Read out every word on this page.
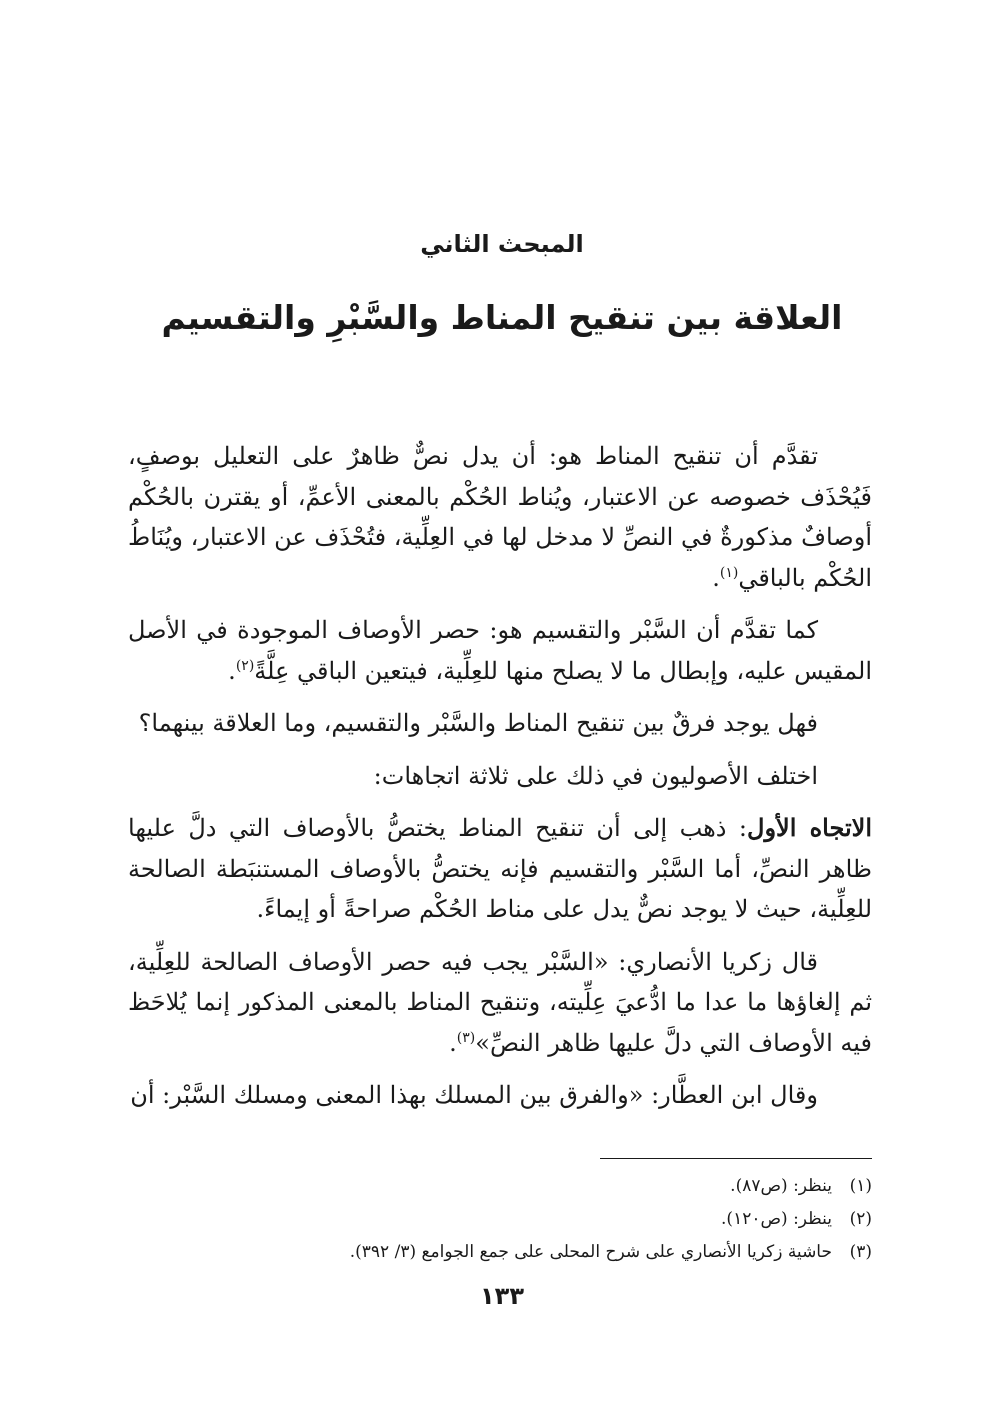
المبحث الثاني
العلاقة بين تنقيح المناط والسَّبْرِ والتقسيم

تقدَّم أن تنقيح المناط هو: أن يدل نصٌّ ظاهرٌ على التعليل بوصفٍ، فَيُحْذَف خصوصه عن الاعتبار، ويُناط الحُكْم بالمعنى الأعمِّ، أو يقترن بالحُكْم أوصافٌ مذكورةٌ في النصِّ لا مدخل لها في العِلِّية، فتُحْذَف عن الاعتبار، ويُنَاطُ الحُكْم بالباقي$^{(١)}$.

كما تقدَّم أن السَّبْر والتقسيم هو: حصر الأوصاف الموجودة في الأصل المقيس عليه، وإبطال ما لا يصلح منها للعِلِّية، فيتعين الباقي عِلَّةً$^{(٢)}$.

فهل يوجد فرقٌ بين تنقيح المناط والسَّبْر والتقسيم، وما العلاقة بينهما؟

اختلف الأصوليون في ذلك على ثلاثة اتجاهات:

الاتجاه الأول: ذهب إلى أن تنقيح المناط يختصُّ بالأوصاف التي دلَّ عليها ظاهر النصِّ، أما السَّبْر والتقسيم فإنه يختصُّ بالأوصاف المستنبَطة الصالحة للعِلِّية، حيث لا يوجد نصٌّ يدل على مناط الحُكْم صراحةً أو إيماءً.

قال زكريا الأنصاري: «السَّبْر يجب فيه حصر الأوصاف الصالحة للعِلِّية، ثم إلغاؤها ما عدا ما ادُّعيَ عِلِّيته، وتنقيح المناط بالمعنى المذكور إنما يُلاحَظ فيه الأوصاف التي دلَّ عليها ظاهر النصِّ»$^{(٣)}$.

وقال ابن العطَّار: «والفرق بين المسلك بهذا المعنى ومسلك السَّبْر: أن

(١)
ينظر: (ص٨٧).
(٢)
ينظر: (ص١٢٠).
(٣)
حاشية زكريا الأنصاري على شرح المحلى على جمع الجوامع (٣/ ٣٩٢).
١٣٣
